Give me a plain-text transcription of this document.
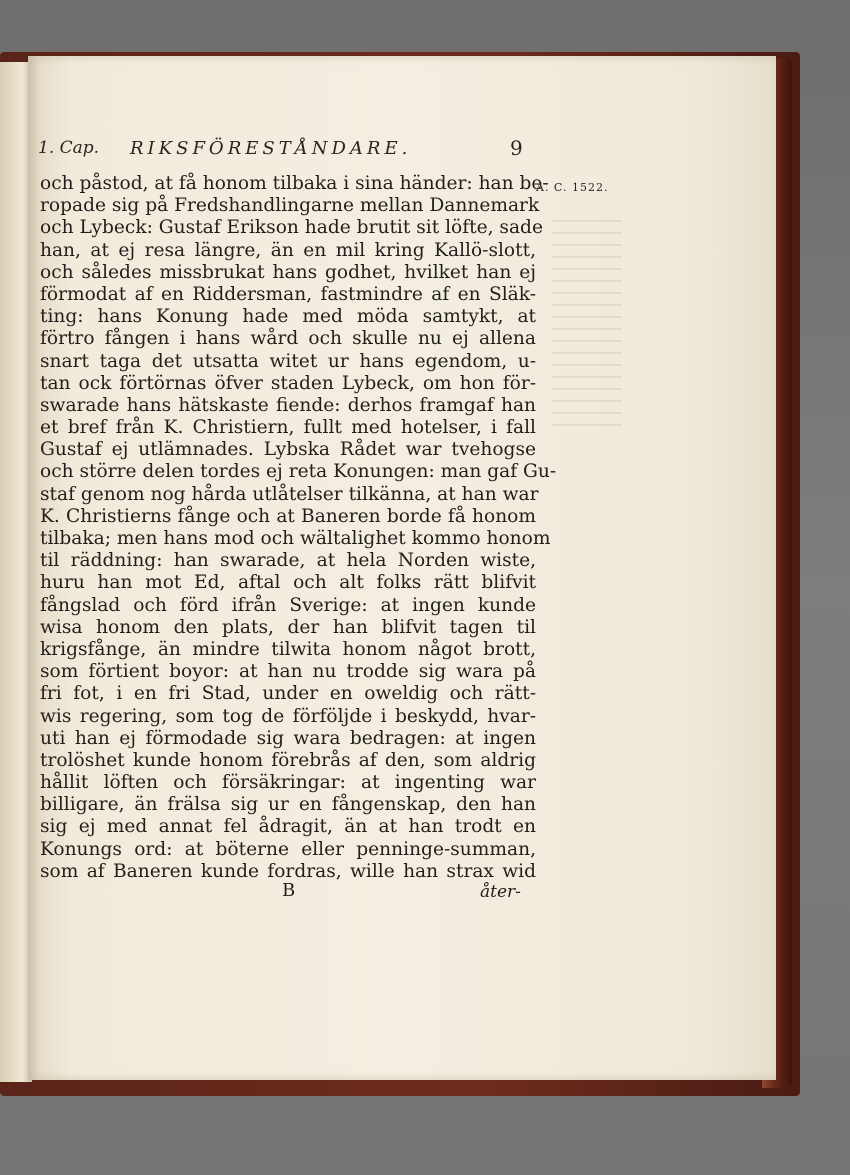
1. Cap. RIKSFÖRESTÅNDARE.	9
A. C. 1522.
och påstod, at få honom tilbaka i sina händer: han be-
ropade sig på Fredshandlingarne mellan Dannemark
och Lybeck: Gustaf Erikson hade brutit sit löfte, sade
han, at ej resa längre, än en mil kring Kallö-slott,
och således missbrukat hans godhet, hvilket han ej
förmodat af en Riddersman, fastmindre af en Släk-
ting: hans Konung hade med möda samtykt, at
förtro fången i hans wård och skulle nu ej allena
snart taga det utsatta witet ur hans egendom, u-
tan ock förtörnas öfver staden Lybeck, om hon för-
swarade hans hätskaste fiende: derhos framgaf han
et bref från K. Christiern, fullt med hotelser, i fall
Gustaf ej utlämnades. Lybska Rådet war tvehogse
och större delen tordes ej reta Konungen: man gaf Gu-
staf genom nog hårda utlåtelser tilkänna, at han war
K. Christierns fånge och at Baneren borde få honom
tilbaka; men hans mod och wältalighet kommo honom
til räddning: han swarade, at hela Norden wiste,
huru han mot Ed, aftal och alt folks rätt blifvit
fångslad och förd ifrån Sverige: at ingen kunde
wisa honom den plats, der han blifvit tagen til
krigsfånge, än mindre tilwita honom något brott,
som förtient boyor: at han nu trodde sig wara på
fri fot, i en fri Stad, under en oweldig och rätt-
wis regering, som tog de förföljde i beskydd, hvar-
uti han ej förmodade sig wara bedragen: at ingen
trolöshet kunde honom förebrås af den, som aldrig
hållit löften och försäkringar: at ingenting war
billigare, än frälsa sig ur en fångenskap, den han
sig ej med annat fel ådragit, än at han trodt en
Konungs ord: at böterne eller penninge-summan,
som af Baneren kunde fordras, wille han strax wid
B	åter-
